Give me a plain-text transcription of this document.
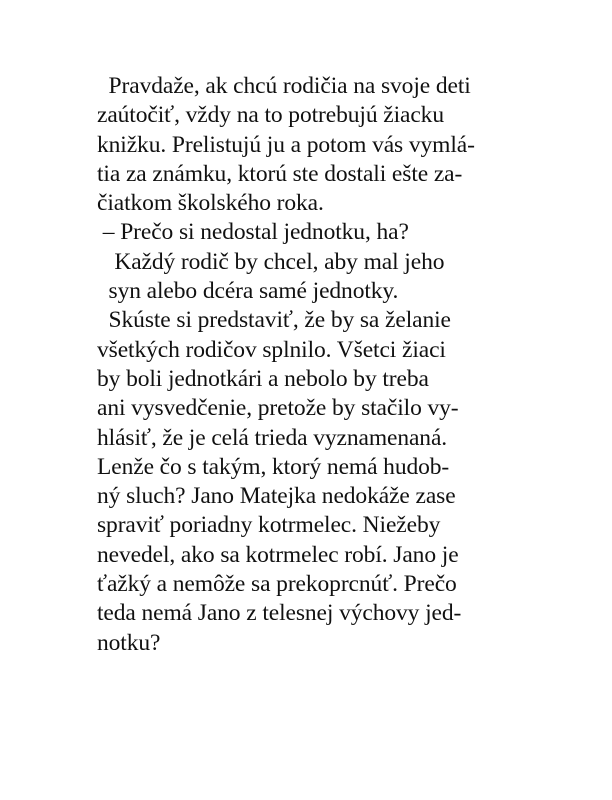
Pravdaže, ak chcú rodičia na svoje deti
zaútočiť, vždy na to potrebujú žiacku
knižku. Prelistujú ju a potom vás vymlá-
tia za známku, ktorú ste dostali ešte za-
čiatkom školského roka.
– Prečo si nedostal jednotku, ha?
Každý rodič by chcel, aby mal jeho
syn alebo dcéra samé jednotky.
Skúste si predstaviť, že by sa želanie
všetkých rodičov splnilo. Všetci žiaci
by boli jednotkári a nebolo by treba
ani vysvedčenie, pretože by stačilo vy-
hlásiť, že je celá trieda vyznamenaná.
Lenže čo s takým, ktorý nemá hudob-
ný sluch? Jano Matejka nedokáže zase
spraviť poriadny kotrmelec. Niežeby
nevedel, ako sa kotrmelec robí. Jano je
ťažký a nemôže sa prekoprcnúť. Prečo
teda nemá Jano z telesnej výchovy jed-
notku?
